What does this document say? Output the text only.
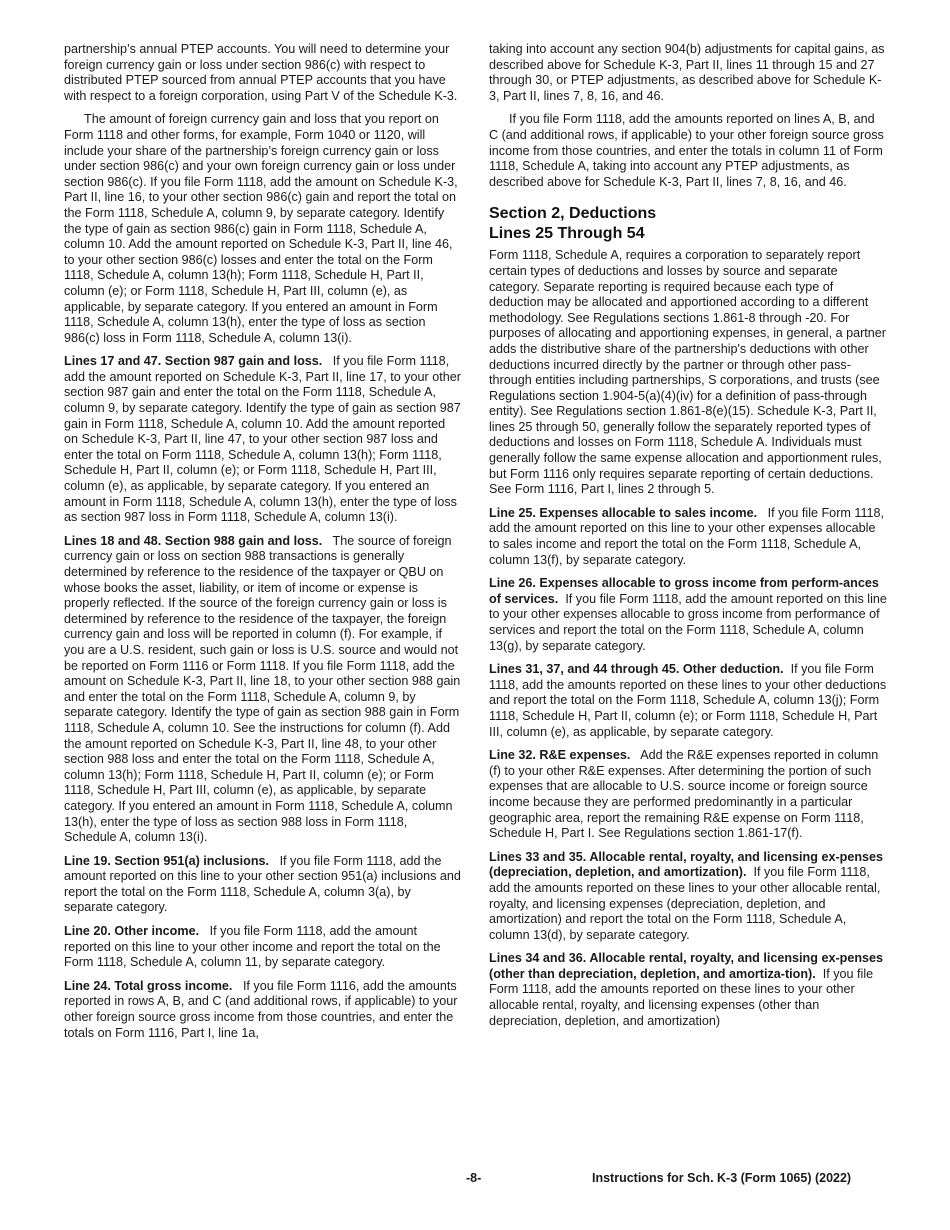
partnership’s annual PTEP accounts. You will need to determine your foreign currency gain or loss under section 986(c) with respect to distributed PTEP sourced from annual PTEP accounts that you have with respect to a foreign corporation, using Part V of the Schedule K-3.

The amount of foreign currency gain and loss that you report on Form 1118 and other forms, for example, Form 1040 or 1120, will include your share of the partnership’s foreign currency gain or loss under section 986(c) and your own foreign currency gain or loss under section 986(c). If you file Form 1118, add the amount on Schedule K-3, Part II, line 16, to your other section 986(c) gain and report the total on the Form 1118, Schedule A, column 9, by separate category. Identify the type of gain as section 986(c) gain in Form 1118, Schedule A, column 10. Add the amount reported on Schedule K-3, Part II, line 46, to your other section 986(c) losses and enter the total on the Form 1118, Schedule A, column 13(h); Form 1118, Schedule H, Part II, column (e); or Form 1118, Schedule H, Part III, column (e), as applicable, by separate category. If you entered an amount in Form 1118, Schedule A, column 13(h), enter the type of loss as section 986(c) loss in Form 1118, Schedule A, column 13(i).

Lines 17 and 47. Section 987 gain and loss. If you file Form 1118, add the amount reported on Schedule K-3, Part II, line 17, to your other section 987 gain and enter the total on the Form 1118, Schedule A, column 9, by separate category. Identify the type of gain as section 987 gain in Form 1118, Schedule A, column 10. Add the amount reported on Schedule K-3, Part II, line 47, to your other section 987 loss and enter the total on Form 1118, Schedule A, column 13(h); Form 1118, Schedule H, Part II, column (e); or Form 1118, Schedule H, Part III, column (e), as applicable, by separate category. If you entered an amount in Form 1118, Schedule A, column 13(h), enter the type of loss as section 987 loss in Form 1118, Schedule A, column 13(i).

Lines 18 and 48. Section 988 gain and loss. The source of foreign currency gain or loss on section 988 transactions is generally determined by reference to the residence of the taxpayer or QBU on whose books the asset, liability, or item of income or expense is properly reflected. If the source of the foreign currency gain or loss is determined by reference to the residence of the taxpayer, the foreign currency gain and loss will be reported in column (f). For example, if you are a U.S. resident, such gain or loss is U.S. source and would not be reported on Form 1116 or Form 1118. If you file Form 1118, add the amount on Schedule K-3, Part II, line 18, to your other section 988 gain and enter the total on the Form 1118, Schedule A, column 9, by separate category. Identify the type of gain as section 988 gain in Form 1118, Schedule A, column 10. See the instructions for column (f). Add the amount reported on Schedule K-3, Part II, line 48, to your other section 988 loss and enter the total on the Form 1118, Schedule A, column 13(h); Form 1118, Schedule H, Part II, column (e); or Form 1118, Schedule H, Part III, column (e), as applicable, by separate category. If you entered an amount in Form 1118, Schedule A, column 13(h), enter the type of loss as section 988 loss in Form 1118, Schedule A, column 13(i).

Line 19. Section 951(a) inclusions. If you file Form 1118, add the amount reported on this line to your other section 951(a) inclusions and report the total on the Form 1118, Schedule A, column 3(a), by separate category.

Line 20. Other income. If you file Form 1118, add the amount reported on this line to your other income and report the total on the Form 1118, Schedule A, column 11, by separate category.

Line 24. Total gross income. If you file Form 1116, add the amounts reported in rows A, B, and C (and additional rows, if applicable) to your other foreign source gross income from those countries, and enter the totals on Form 1116, Part I, line 1a,

taking into account any section 904(b) adjustments for capital gains, as described above for Schedule K-3, Part II, lines 11 through 15 and 27 through 30, or PTEP adjustments, as described above for Schedule K-3, Part II, lines 7, 8, 16, and 46.

If you file Form 1118, add the amounts reported on lines A, B, and C (and additional rows, if applicable) to your other foreign source gross income from those countries, and enter the totals in column 11 of Form 1118, Schedule A, taking into account any PTEP adjustments, as described above for Schedule K-3, Part II, lines 7, 8, 16, and 46.

Section 2, Deductions
Lines 25 Through 54

Form 1118, Schedule A, requires a corporation to separately report certain types of deductions and losses by source and separate category. Separate reporting is required because each type of deduction may be allocated and apportioned according to a different methodology. See Regulations sections 1.861-8 through -20. For purposes of allocating and apportioning expenses, in general, a partner adds the distributive share of the partnership's deductions with other deductions incurred directly by the partner or through other pass-through entities including partnerships, S corporations, and trusts (see Regulations section 1.904-5(a)(4)(iv) for a definition of pass-through entity). See Regulations section 1.861-8(e)(15). Schedule K-3, Part II, lines 25 through 50, generally follow the separately reported types of deductions and losses on Form 1118, Schedule A. Individuals must generally follow the same expense allocation and apportionment rules, but Form 1116 only requires separate reporting of certain deductions. See Form 1116, Part I, lines 2 through 5.

Line 25. Expenses allocable to sales income. If you file Form 1118, add the amount reported on this line to your other expenses allocable to sales income and report the total on the Form 1118, Schedule A, column 13(f), by separate category.

Line 26. Expenses allocable to gross income from perform-ances of services. If you file Form 1118, add the amount reported on this line to your other expenses allocable to gross income from performance of services and report the total on the Form 1118, Schedule A, column 13(g), by separate category.

Lines 31, 37, and 44 through 45. Other deduction. If you file Form 1118, add the amounts reported on these lines to your other deductions and report the total on the Form 1118, Schedule A, column 13(j); Form 1118, Schedule H, Part II, column (e); or Form 1118, Schedule H, Part III, column (e), as applicable, by separate category.

Line 32. R&E expenses. Add the R&E expenses reported in column (f) to your other R&E expenses. After determining the portion of such expenses that are allocable to U.S. source income or foreign source income because they are performed predominantly in a particular geographic area, report the remaining R&E expense on Form 1118, Schedule H, Part I. See Regulations section 1.861-17(f).

Lines 33 and 35. Allocable rental, royalty, and licensing ex-penses (depreciation, depletion, and amortization). If you file Form 1118, add the amounts reported on these lines to your other allocable rental, royalty, and licensing expenses (depreciation, depletion, and amortization) and report the total on the Form 1118, Schedule A, column 13(d), by separate category.

Lines 34 and 36. Allocable rental, royalty, and licensing ex-penses (other than depreciation, depletion, and amortiza-tion). If you file Form 1118, add the amounts reported on these lines to your other allocable rental, royalty, and licensing expenses (other than depreciation, depletion, and amortization)

-8-	Instructions for Sch. K-3 (Form 1065) (2022)
